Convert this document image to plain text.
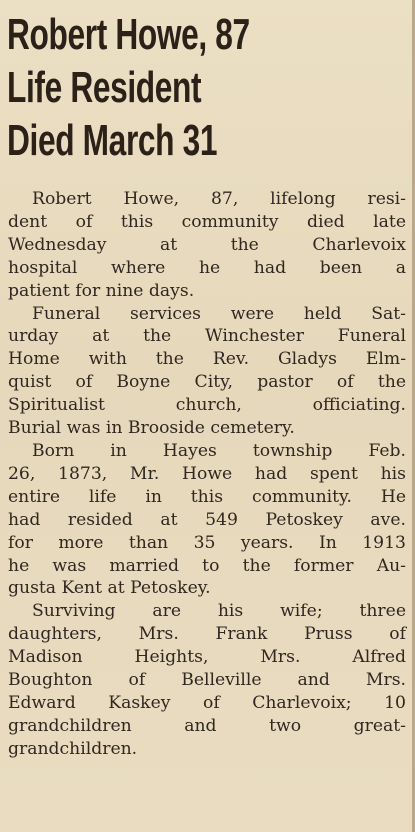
Robert Howe, 87
Life Resident
Died March 31
Robert Howe, 87, lifelong resi-
dent of this community died late
Wednesday at the Charlevoix
hospital where he had been a
patient for nine days.
Funeral services were held Sat-
urday at the Winchester Funeral
Home with the Rev. Gladys Elm-
quist of Boyne City, pastor of the
Spiritualist church, officiating.
Burial was in Brooside cemetery.
Born in Hayes township Feb.
26, 1873, Mr. Howe had spent his
entire life in this community. He
had resided at 549 Petoskey ave.
for more than 35 years. In 1913
he was married to the former Au-
gusta Kent at Petoskey.
Surviving are his wife; three
daughters, Mrs. Frank Pruss of
Madison Heights, Mrs. Alfred
Boughton of Belleville and Mrs.
Edward Kaskey of Charlevoix; 10
grandchildren and two great-
grandchildren.
